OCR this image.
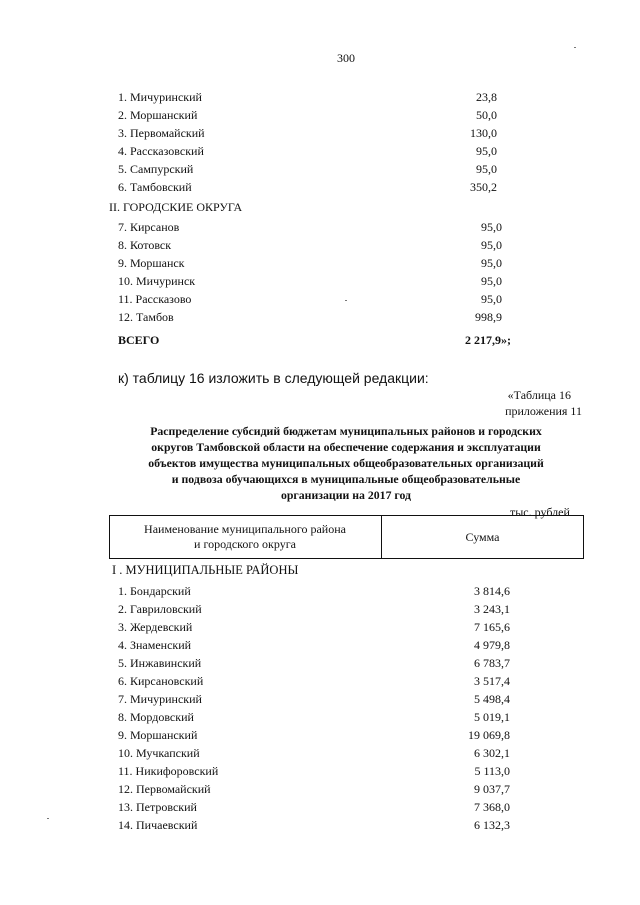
300
1. Мичуринский	23,8
2. Моршанский	50,0
3. Первомайский	130,0
4. Рассказовский	95,0
5. Сампурский	95,0
6. Тамбовский	350,2
II. ГОРОДСКИЕ ОКРУГА
7. Кирсанов	95,0
8. Котовск	95,0
9. Моршанск	95,0
10. Мичуринск	95,0
11. Рассказово	95,0
12. Тамбов	998,9
ВСЕГО	2 217,9»;
к) таблицу 16 изложить в следующей редакции:
«Таблица 16
приложения 11
Распределение субсидий бюджетам муниципальных районов и городских
округов Тамбовской области на обеспечение содержания и эксплуатации
объектов имущества муниципальных общеобразовательных организаций
и подвоза обучающихся в муниципальные общеобразовательные
организации на 2017 год
тыс. рублей
Наименование муниципального района
и городского округа	Сумма
I . МУНИЦИПАЛЬНЫЕ РАЙОНЫ
1. Бондарский	3 814,6
2. Гавриловский	3 243,1
3. Жердевский	7 165,6
4. Знаменский	4 979,8
5. Инжавинский	6 783,7
6. Кирсановский	3 517,4
7. Мичуринский	5 498,4
8. Мордовский	5 019,1
9. Моршанский	19 069,8
10. Мучкапский	6 302,1
11. Никифоровский	5 113,0
12. Первомайский	9 037,7
13. Петровский	7 368,0
14. Пичаевский	6 132,3
